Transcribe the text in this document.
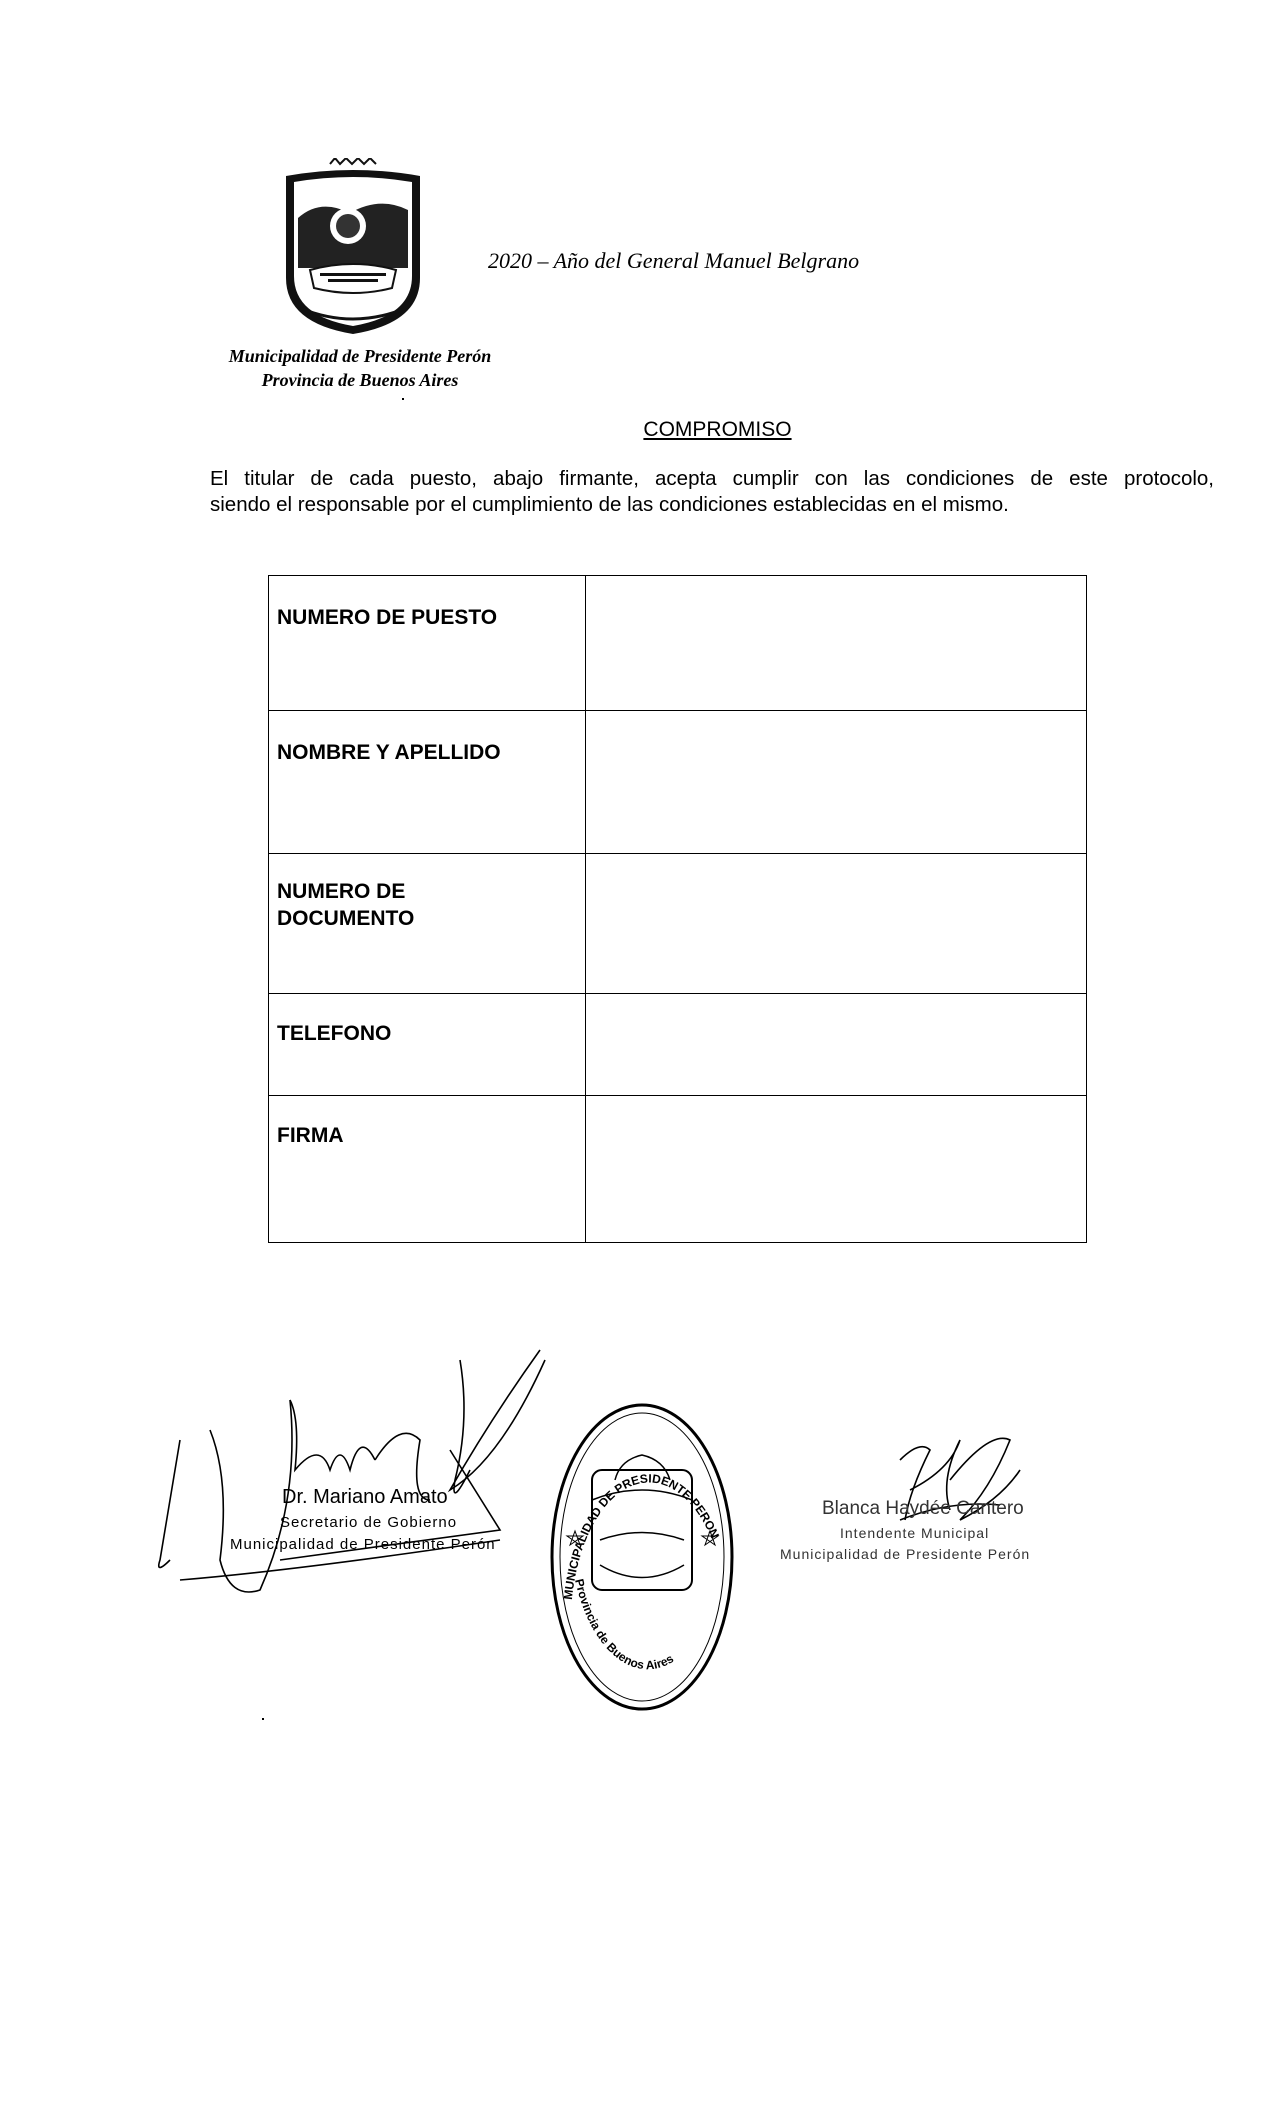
2020 – Año del General Manuel Belgrano
Municipalidad de Presidente Perón
Provincia de Buenos Aires
COMPROMISO
El titular de cada puesto, abajo firmante, acepta cumplir con las condiciones de este protocolo,
siendo el responsable por el cumplimiento de las condiciones establecidas en el mismo.
NUMERO DE PUESTO	
NOMBRE Y APELLIDO	

NUMERO DE
DOCUMENTO	

TELEFONO	
FIRMA	
MUNICIPALIDAD DE PRESIDENTE PERON
Provincia de Buenos Aires
Dr. Mariano Amato
Secretario de Gobierno
Municipalidad de Presidente Perón
Blanca Haydée Cantero
Intendente Municipal
Municipalidad de Presidente Perón
